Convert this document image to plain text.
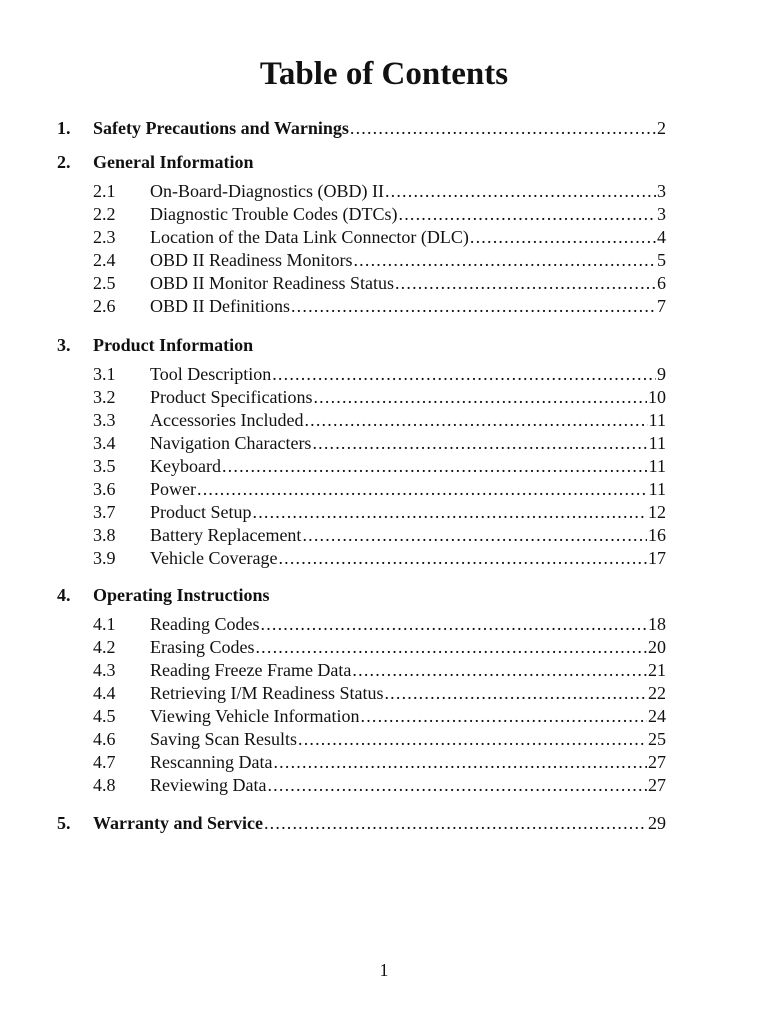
Table of Contents
1.	Safety Precautions and Warnings .....	2
2.	General Information
2.1	On-Board-Diagnostics (OBD) II .....	3
2.2	Diagnostic Trouble Codes (DTCs) .....	3
2.3	Location of the Data Link Connector (DLC) .....	4
2.4	OBD II Readiness Monitors .....	5
2.5	OBD II Monitor Readiness Status .....	6
2.6	OBD II Definitions .....	7
3.	Product Information
3.1	Tool Description .....	9
3.2	Product Specifications .....	10
3.3	Accessories Included .....	11
3.4	Navigation Characters .....	11
3.5	Keyboard .....	11
3.6	Power .....	11
3.7	Product Setup .....	12
3.8	Battery Replacement .....	16
3.9	Vehicle Coverage .....	17
4.	Operating Instructions
4.1	Reading Codes .....	18
4.2	Erasing Codes .....	20
4.3	Reading Freeze Frame Data .....	21
4.4	Retrieving I/M Readiness Status .....	22
4.5	Viewing Vehicle Information .....	24
4.6	Saving Scan Results .....	25
4.7	Rescanning Data .....	27
4.8	Reviewing Data .....	27
5.	Warranty and Service .....	29
1
